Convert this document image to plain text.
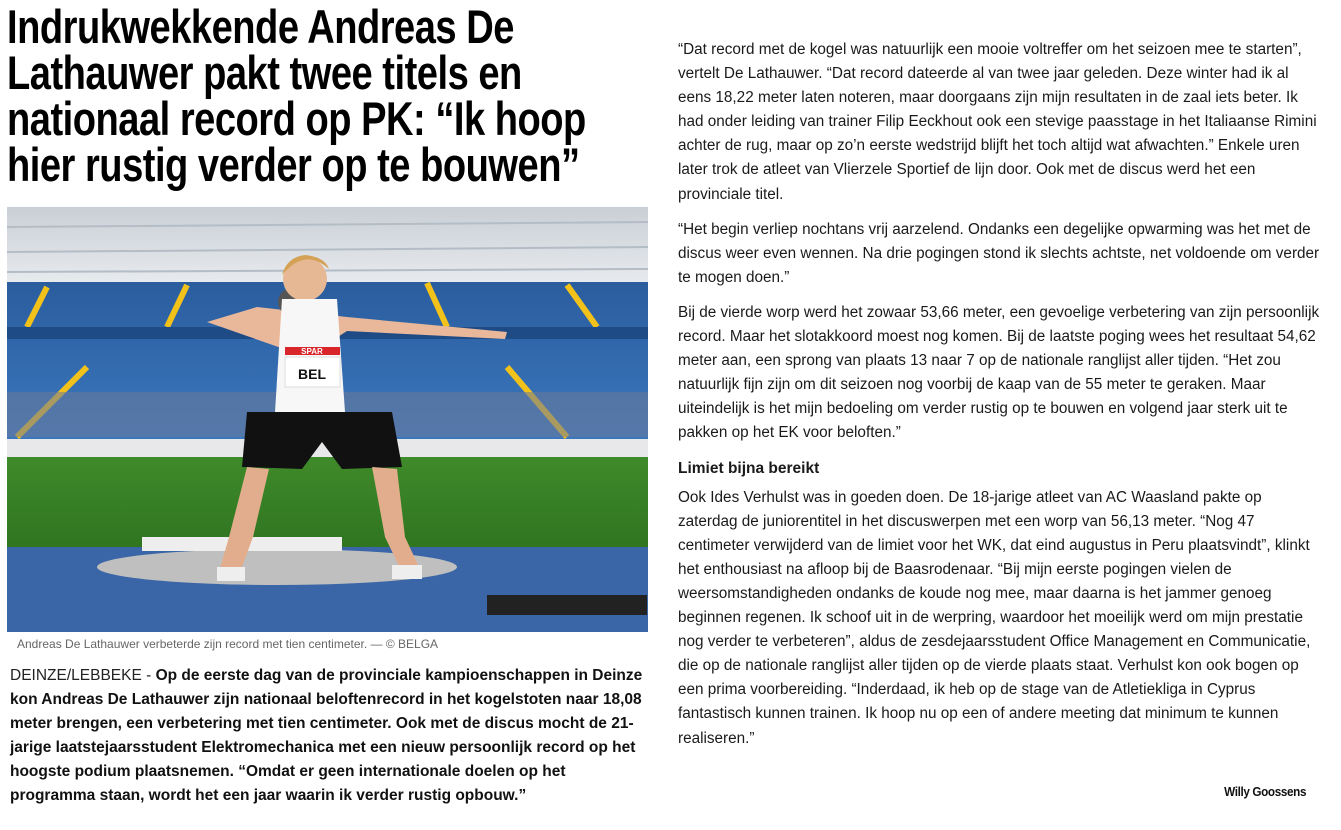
Indrukwekkende Andreas De Lathauwer pakt twee titels en nationaal record op PK: “Ik hoop hier rustig verder op te bouwen”
BEL
SPAR
Andreas De Lathauwer verbeterde zijn record met tien centimeter. — © BELGA
DEINZE/LEBBEKE - Op de eerste dag van de provinciale kampioenschappen in Deinze kon Andreas De Lathauwer zijn nationaal beloftenrecord in het kogelstoten naar 18,08 meter brengen, een verbetering met tien centimeter. Ook met de discus mocht de 21-jarige laatstejaarsstudent Elektromechanica met een nieuw persoonlijk record op het hoogste podium plaatsnemen. “Omdat er geen internationale doelen op het programma staan, wordt het een jaar waarin ik verder rustig opbouw.”

“Dat record met de kogel was natuurlijk een mooie voltreffer om het seizoen mee te starten”, vertelt De Lathauwer. “Dat record dateerde al van twee jaar geleden. Deze winter had ik al eens 18,22 meter laten noteren, maar doorgaans zijn mijn resultaten in de zaal iets beter. Ik had onder leiding van trainer Filip Eeckhout ook een stevige paasstage in het Italiaanse Rimini achter de rug, maar op zo’n eerste wedstrijd blijft het toch altijd wat afwachten.” Enkele uren later trok de atleet van Vlierzele Sportief de lijn door. Ook met de discus werd het een provinciale titel.

“Het begin verliep nochtans vrij aarzelend. Ondanks een degelijke opwarming was het met de discus weer even wennen. Na drie pogingen stond ik slechts achtste, net voldoende om verder te mogen doen.”

Bij de vierde worp werd het zowaar 53,66 meter, een gevoelige verbetering van zijn persoonlijk record. Maar het slotakkoord moest nog komen. Bij de laatste poging wees het resultaat 54,62 meter aan, een sprong van plaats 13 naar 7 op de nationale ranglijst aller tijden. “Het zou natuurlijk fijn zijn om dit seizoen nog voorbij de kaap van de 55 meter te geraken. Maar uiteindelijk is het mijn bedoeling om verder rustig op te bouwen en volgend jaar sterk uit te pakken op het EK voor beloften.”

Limiet bijna bereikt

Ook Ides Verhulst was in goeden doen. De 18-jarige atleet van AC Waasland pakte op zaterdag de juniorentitel in het discuswerpen met een worp van 56,13 meter. “Nog 47 centimeter verwijderd van de limiet voor het WK, dat eind augustus in Peru plaatsvindt”, klinkt het enthousiast na afloop bij de Baasrodenaar. “Bij mijn eerste pogingen vielen de weersomstandigheden ondanks de koude nog mee, maar daarna is het jammer genoeg beginnen regenen. Ik schoof uit in de werpring, waardoor het moeilijk werd om mijn prestatie nog verder te verbeteren”, aldus de zesdejaarsstudent Office Management en Communicatie, die op de nationale ranglijst aller tijden op de vierde plaats staat. Verhulst kon ook bogen op een prima voorbereiding. “Inderdaad, ik heb op de stage van de Atletiekliga in Cyprus fantastisch kunnen trainen. Ik hoop nu op een of andere meeting dat minimum te kunnen realiseren.”

Willy Goossens
